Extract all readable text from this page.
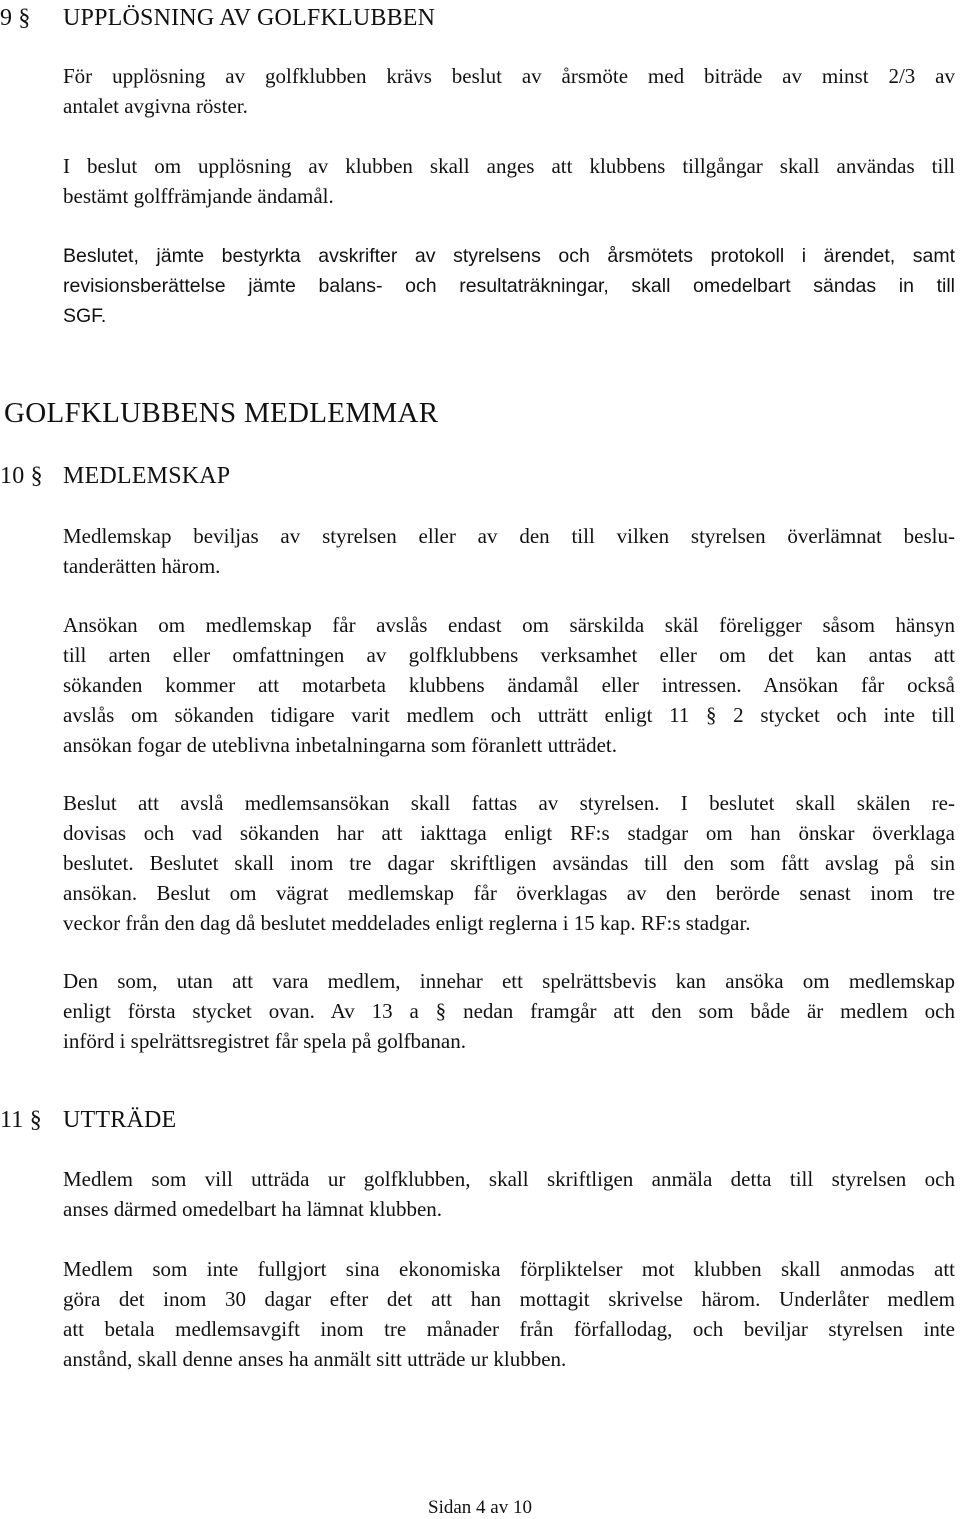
9 § UPPLÖSNING AV GOLFKLUBBEN

För upplösning av golfklubben krävs beslut av årsmöte med biträde av minst 2/3 av
antalet avgivna röster.

I beslut om upplösning av klubben skall anges att klubbens tillgångar skall användas till
bestämt golffrämjande ändamål.

Beslutet, jämte bestyrkta avskrifter av styrelsens och årsmötets protokoll i ärendet, samt
revisionsberättelse jämte balans- och resultaträkningar, skall omedelbart sändas in till
SGF.

GOLFKLUBBENS MEDLEMMAR
10 § MEDLEMSKAP

Medlemskap beviljas av styrelsen eller av den till vilken styrelsen överlämnat beslu-
tanderätten härom.

Ansökan om medlemskap får avslås endast om särskilda skäl föreligger såsom hänsyn
till arten eller omfattningen av golfklubbens verksamhet eller om det kan antas att
sökanden kommer att motarbeta klubbens ändamål eller intressen. Ansökan får också
avslås om sökanden tidigare varit medlem och utträtt enligt 11 § 2 stycket och inte till
ansökan fogar de uteblivna inbetalningarna som föranlett utträdet.

Beslut att avslå medlemsansökan skall fattas av styrelsen. I beslutet skall skälen re-
dovisas och vad sökanden har att iakttaga enligt RF:s stadgar om han önskar överklaga
beslutet. Beslutet skall inom tre dagar skriftligen avsändas till den som fått avslag på sin
ansökan. Beslut om vägrat medlemskap får överklagas av den berörde senast inom tre
veckor från den dag då beslutet meddelades enligt reglerna i 15 kap. RF:s stadgar.

Den som, utan att vara medlem, innehar ett spelrättsbevis kan ansöka om medlemskap
enligt första stycket ovan. Av 13 a § nedan framgår att den som både är medlem och
införd i spelrättsregistret får spela på golfbanan.

11 § UTTRÄDE

Medlem som vill utträda ur golfklubben, skall skriftligen anmäla detta till styrelsen och
anses därmed omedelbart ha lämnat klubben.

Medlem som inte fullgjort sina ekonomiska förpliktelser mot klubben skall anmodas att
göra det inom 30 dagar efter det att han mottagit skrivelse härom. Underlåter medlem
att betala medlemsavgift inom tre månader från förfallodag, och beviljar styrelsen inte
anstånd, skall denne anses ha anmält sitt utträde ur klubben.

Sidan 4 av 10
